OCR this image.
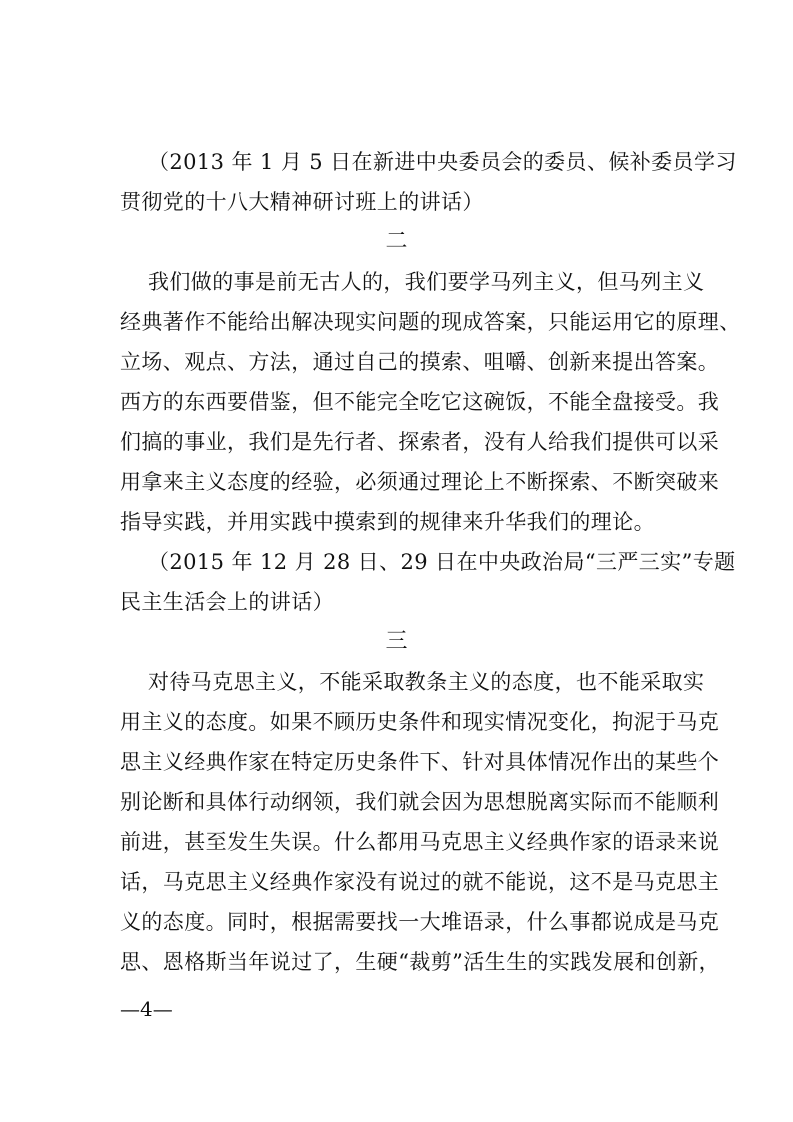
（2013 年 1 月 5 日在新进中央委员会的委员、候补委员学习
贯彻党的十八大精神研讨班上的讲话）
二
我们做的事是前无古人的，我们要学马列主义，但马列主义
经典著作不能给出解决现实问题的现成答案，只能运用它的原理、
立场、观点、方法，通过自己的摸索、咀嚼、创新来提出答案。
西方的东西要借鉴，但不能完全吃它这碗饭，不能全盘接受。我
们搞的事业，我们是先行者、探索者，没有人给我们提供可以采
用拿来主义态度的经验，必须通过理论上不断探索、不断突破来
指导实践，并用实践中摸索到的规律来升华我们的理论。
（2015 年 12 月 28 日、29 日在中央政治局“三严三实”专题
民主生活会上的讲话）
三
对待马克思主义，不能采取教条主义的态度，也不能采取实
用主义的态度。如果不顾历史条件和现实情况变化，拘泥于马克
思主义经典作家在特定历史条件下、针对具体情况作出的某些个
别论断和具体行动纲领，我们就会因为思想脱离实际而不能顺利
前进，甚至发生失误。什么都用马克思主义经典作家的语录来说
话，马克思主义经典作家没有说过的就不能说，这不是马克思主
义的态度。同时，根据需要找一大堆语录，什么事都说成是马克
思、恩格斯当年说过了，生硬“裁剪”活生生的实践发展和创新，
—4—
